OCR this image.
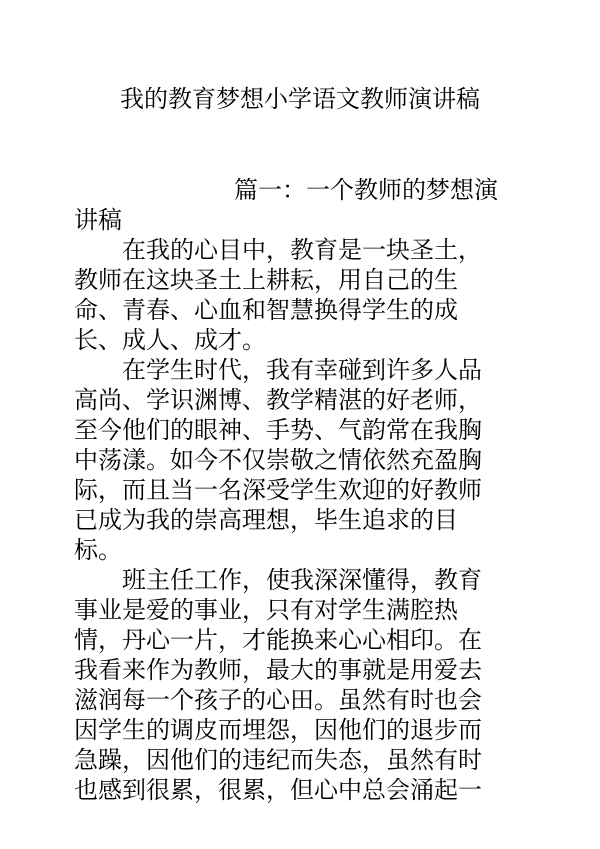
我的教育梦想小学语文教师演讲稿
篇一：一个教师的梦想演
讲稿
在我的心目中，教育是一块圣土，
教师在这块圣土上耕耘，用自己的生
命、青春、心血和智慧换得学生的成
长、成人、成才。
在学生时代，我有幸碰到许多人品
高尚、学识渊博、教学精湛的好老师，
至今他们的眼神、手势、气韵常在我胸
中荡漾。如今不仅崇敬之情依然充盈胸
际，而且当一名深受学生欢迎的好教师
已成为我的崇高理想，毕生追求的目
标。
班主任工作，使我深深懂得，教育
事业是爱的事业，只有对学生满腔热
情，丹心一片，才能换来心心相印。在
我看来作为教师，最大的事就是用爱去
滋润每一个孩子的心田。虽然有时也会
因学生的调皮而埋怨，因他们的退步而
急躁，因他们的违纪而失态，虽然有时
也感到很累，很累，但心中总会涌起一
